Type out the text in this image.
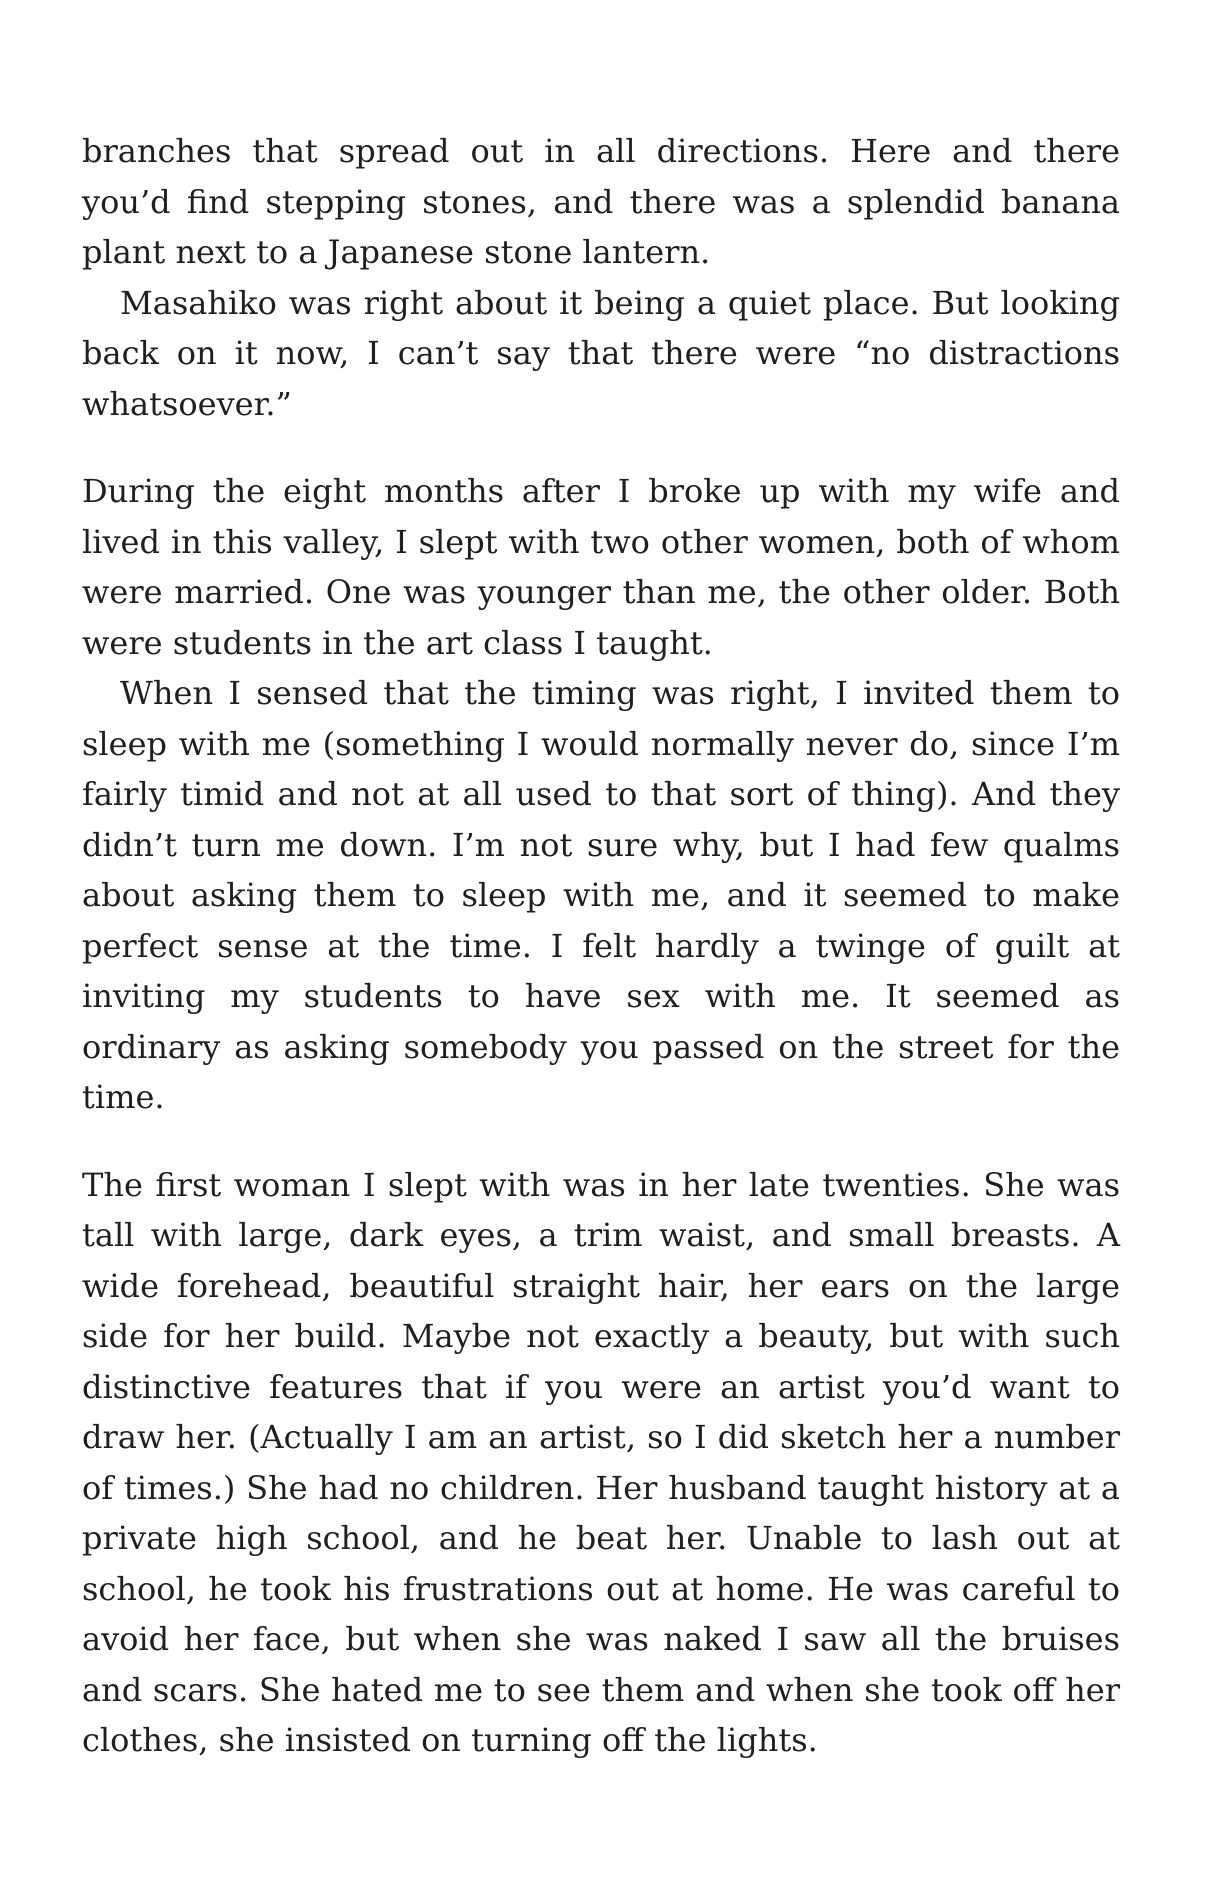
branches that spread out in all directions. Here and there you’d find stepping stones, and there was a splendid banana plant next to a Japanese stone lantern.

Masahiko was right about it being a quiet place. But looking back on it now, I can’t say that there were “no distractions whatsoever.”

During the eight months after I broke up with my wife and lived in this valley, I slept with two other women, both of whom were married. One was younger than me, the other older. Both were students in the art class I taught.

When I sensed that the timing was right, I invited them to sleep with me (something I would normally never do, since I’m fairly timid and not at all used to that sort of thing). And they didn’t turn me down. I’m not sure why, but I had few qualms about asking them to sleep with me, and it seemed to make perfect sense at the time. I felt hardly a twinge of guilt at inviting my students to have sex with me. It seemed as ordinary as asking somebody you passed on the street for the time.

The first woman I slept with was in her late twenties. She was tall with large, dark eyes, a trim waist, and small breasts. A wide forehead, beautiful straight hair, her ears on the large side for her build. Maybe not exactly a beauty, but with such distinctive features that if you were an artist you’d want to draw her. (Actually I am an artist, so I did sketch her a number of times.) She had no children. Her husband taught history at a private high school, and he beat her. Unable to lash out at school, he took his frustrations out at home. He was careful to avoid her face, but when she was naked I saw all the bruises and scars. She hated me to see them and when she took off her clothes, she insisted on turning off the lights.
